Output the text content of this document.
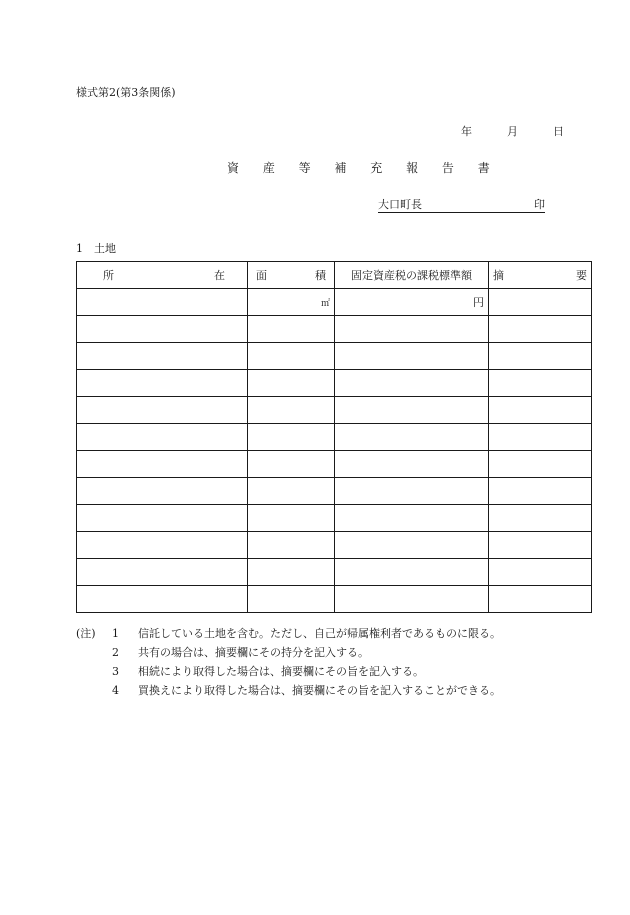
様式第2(第3条関係)
年	月	日
資 産 等 補 充 報 告 書
大口町長	印
1　土地
所 在	面 積	固定資産税の課税標準額	摘 要

	㎡	円	

(注)	1	信託している土地を含む。ただし、自己が帰属権利者であるものに限る。
2	共有の場合は、摘要欄にその持分を記入する。
3	相続により取得した場合は、摘要欄にその旨を記入する。
4	買換えにより取得した場合は、摘要欄にその旨を記入することができる。
